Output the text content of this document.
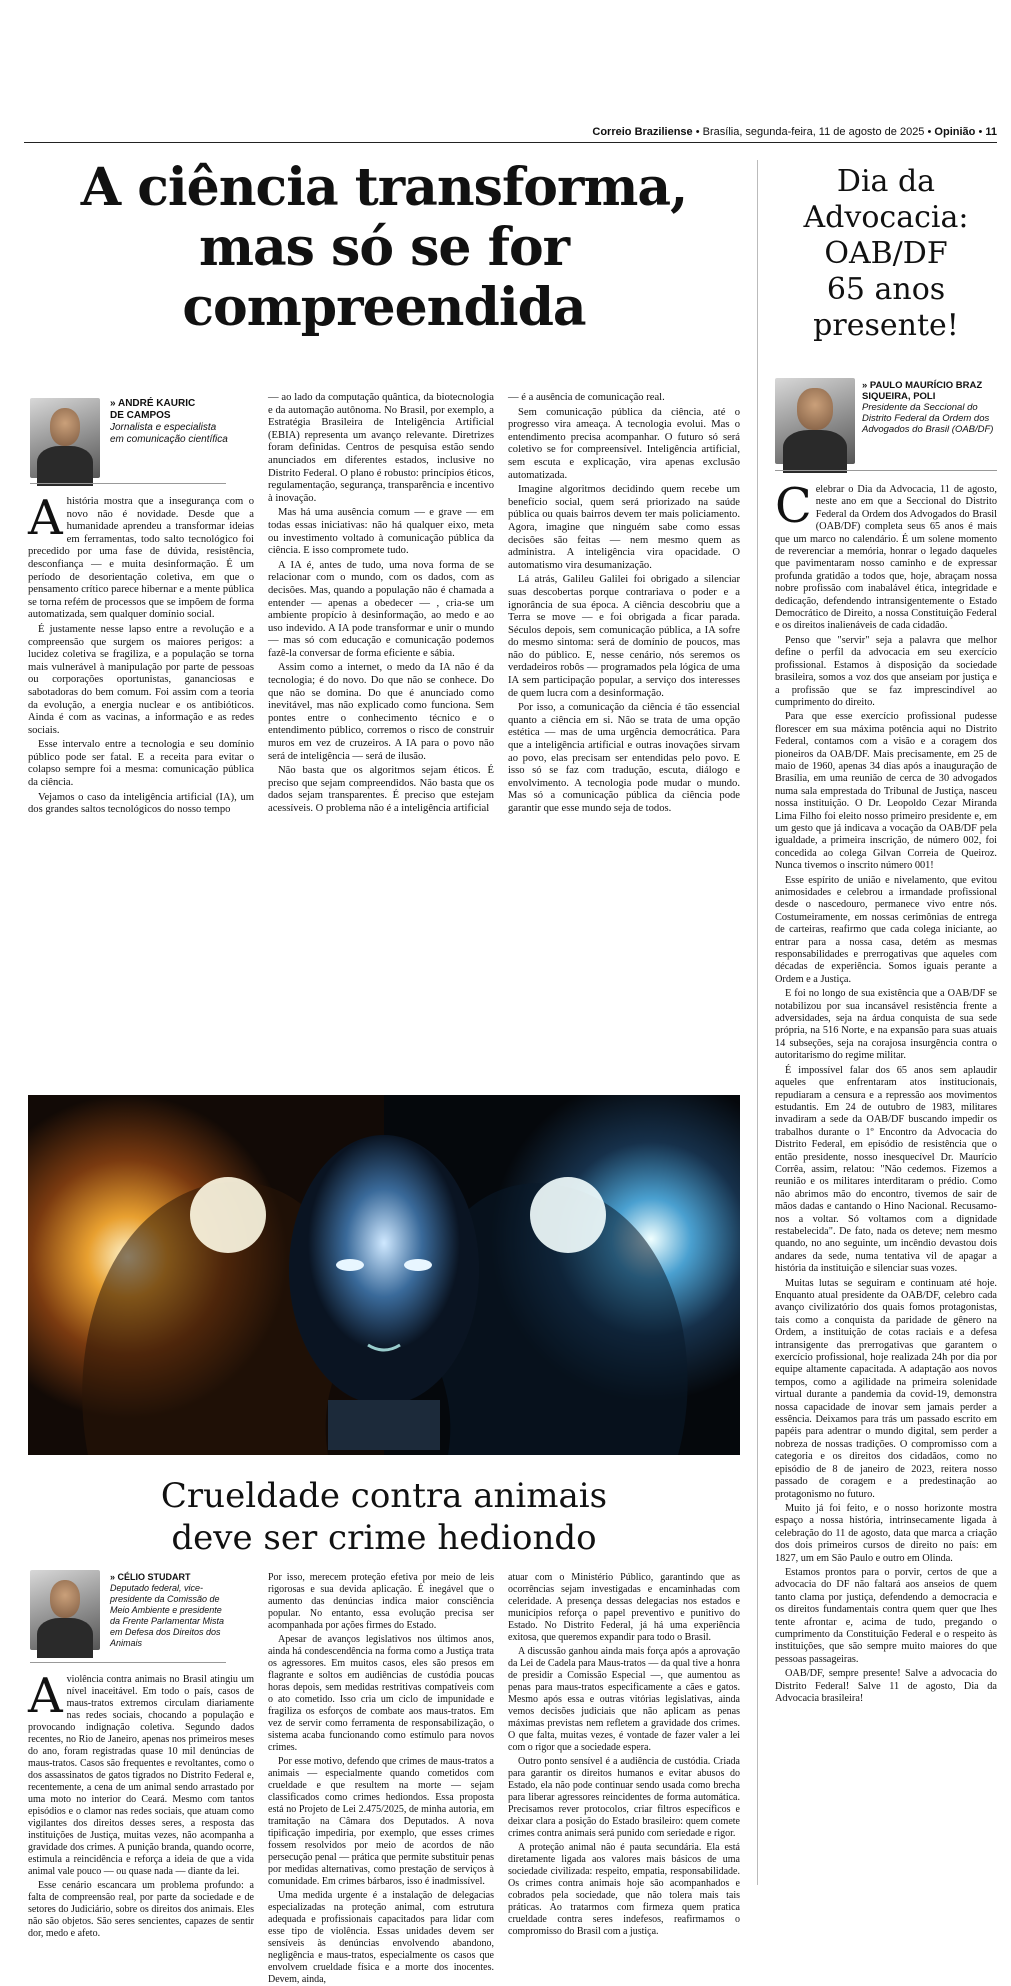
Correio Braziliense • Brasília, segunda-feira, 11 de agosto de 2025 • Opinião • 11
A ciência transforma,
mas só se for
compreendida
» ANDRÉ KAURIC
DE CAMPOS
Jornalista e especialista em comunicação científica

Ahistória mostra que a insegurança com o novo não é novidade. Desde que a humanidade aprendeu a transformar ideias em ferramentas, todo salto tecnológico foi precedido por uma fase de dúvida, resistência, desconfiança — e muita desinformação. É um período de desorientação coletiva, em que o pensamento crítico parece hibernar e a mente pública se torna refém de processos que se impõem de forma automatizada, sem qualquer domínio social.

É justamente nesse lapso entre a revolução e a compreensão que surgem os maiores perigos: a lucidez coletiva se fragiliza, e a população se torna mais vulnerável à manipulação por parte de pessoas ou corporações oportunistas, gananciosas e sabotadoras do bem comum. Foi assim com a teoria da evolução, a energia nuclear e os antibióticos. Ainda é com as vacinas, a informação e as redes sociais.

Esse intervalo entre a tecnologia e seu domínio público pode ser fatal. E a receita para evitar o colapso sempre foi a mesma: comunicação pública da ciência.

Vejamos o caso da inteligência artificial (IA), um dos grandes saltos tecnológicos do nosso tempo

— ao lado da computação quântica, da biotecnologia e da automação autônoma. No Brasil, por exemplo, a Estratégia Brasileira de Inteligência Artificial (EBIA) representa um avanço relevante. Diretrizes foram definidas. Centros de pesquisa estão sendo anunciados em diferentes estados, inclusive no Distrito Federal. O plano é robusto: princípios éticos, regulamentação, segurança, transparência e incentivo à inovação.

Mas há uma ausência comum — e grave — em todas essas iniciativas: não há qualquer eixo, meta ou investimento voltado à comunicação pública da ciência. E isso compromete tudo.

A IA é, antes de tudo, uma nova forma de se relacionar com o mundo, com os dados, com as decisões. Mas, quando a população não é chamada a entender — apenas a obedecer — , cria-se um ambiente propício à desinformação, ao medo e ao uso indevido. A IA pode transformar e unir o mundo — mas só com educação e comunicação podemos fazê-la conversar de forma eficiente e sábia.

Assim como a internet, o medo da IA não é da tecnologia; é do novo. Do que não se conhece. Do que não se domina. Do que é anunciado como inevitável, mas não explicado como funciona. Sem pontes entre o conhecimento técnico e o entendimento público, corremos o risco de construir muros em vez de cruzeiros. A IA para o povo não será de inteligência — será de ilusão.

Não basta que os algoritmos sejam éticos. É preciso que sejam compreendidos. Não basta que os dados sejam transparentes. É preciso que estejam acessíveis. O problema não é a inteligência artificial

— é a ausência de comunicação real.

Sem comunicação pública da ciência, até o progresso vira ameaça. A tecnologia evolui. Mas o entendimento precisa acompanhar. O futuro só será coletivo se for compreensível. Inteligência artificial, sem escuta e explicação, vira apenas exclusão automatizada.

Imagine algoritmos decidindo quem recebe um benefício social, quem será priorizado na saúde pública ou quais bairros devem ter mais policiamento. Agora, imagine que ninguém sabe como essas decisões são feitas — nem mesmo quem as administra. A inteligência vira opacidade. O automatismo vira desumanização.

Lá atrás, Galileu Galilei foi obrigado a silenciar suas descobertas porque contrariava o poder e a ignorância de sua época. A ciência descobriu que a Terra se move — e foi obrigada a ficar parada. Séculos depois, sem comunicação pública, a IA sofre do mesmo sintoma: será de domínio de poucos, mas não do público. E, nesse cenário, nós seremos os verdadeiros robôs — programados pela lógica de uma IA sem participação popular, a serviço dos interesses de quem lucra com a desinformação.

Por isso, a comunicação da ciência é tão essencial quanto a ciência em si. Não se trata de uma opção estética — mas de uma urgência democrática. Para que a inteligência artificial e outras inovações sirvam ao povo, elas precisam ser entendidas pelo povo. E isso só se faz com tradução, escuta, diálogo e envolvimento. A tecnologia pode mudar o mundo. Mas só a comunicação pública da ciência pode garantir que esse mundo seja de todos.

Crueldade contra animais
deve ser crime hediondo
» CÉLIO STUDART
Deputado federal, vice-presidente da Comissão de Meio Ambiente e presidente da Frente Parlamentar Mista em Defesa dos Direitos dos Animais

Aviolência contra animais no Brasil atingiu um nível inaceitável. Em todo o país, casos de maus-tratos extremos circulam diariamente nas redes sociais, chocando a população e provocando indignação coletiva. Segundo dados recentes, no Rio de Janeiro, apenas nos primeiros meses do ano, foram registradas quase 10 mil denúncias de maus-tratos. Casos são frequentes e revoltantes, como o dos assassinatos de gatos tigrados no Distrito Federal e, recentemente, a cena de um animal sendo arrastado por uma moto no interior do Ceará. Mesmo com tantos episódios e o clamor nas redes sociais, que atuam como vigilantes dos direitos desses seres, a resposta das instituições de Justiça, muitas vezes, não acompanha a gravidade dos crimes. A punição branda, quando ocorre, estimula a reincidência e reforça a ideia de que a vida animal vale pouco — ou quase nada — diante da lei.

Esse cenário escancara um problema profundo: a falta de compreensão real, por parte da sociedade e de setores do Judiciário, sobre os direitos dos animais. Eles não são objetos. São seres sencientes, capazes de sentir dor, medo e afeto.

Por isso, merecem proteção efetiva por meio de leis rigorosas e sua devida aplicação. É inegável que o aumento das denúncias indica maior consciência popular. No entanto, essa evolução precisa ser acompanhada por ações firmes do Estado.

Apesar de avanços legislativos nos últimos anos, ainda há condescendência na forma como a Justiça trata os agressores. Em muitos casos, eles são presos em flagrante e soltos em audiências de custódia poucas horas depois, sem medidas restritivas compatíveis com o ato cometido. Isso cria um ciclo de impunidade e fragiliza os esforços de combate aos maus-tratos. Em vez de servir como ferramenta de responsabilização, o sistema acaba funcionando como estímulo para novos crimes.

Por esse motivo, defendo que crimes de maus-tratos a animais — especialmente quando cometidos com crueldade e que resultem na morte — sejam classificados como crimes hediondos. Essa proposta está no Projeto de Lei 2.475/2025, de minha autoria, em tramitação na Câmara dos Deputados. A nova tipificação impediria, por exemplo, que esses crimes fossem resolvidos por meio de acordos de não persecução penal — prática que permite substituir penas por medidas alternativas, como prestação de serviços à comunidade. Em crimes bárbaros, isso é inadmissível.

Uma medida urgente é a instalação de delegacias especializadas na proteção animal, com estrutura adequada e profissionais capacitados para lidar com esse tipo de violência. Essas unidades devem ser sensíveis às denúncias envolvendo abandono, negligência e maus-tratos, especialmente os casos que envolvem crueldade física e a morte dos inocentes. Devem, ainda,

atuar com o Ministério Público, garantindo que as ocorrências sejam investigadas e encaminhadas com celeridade. A presença dessas delegacias nos estados e municípios reforça o papel preventivo e punitivo do Estado. No Distrito Federal, já há uma experiência exitosa, que queremos expandir para todo o Brasil.

A discussão ganhou ainda mais força após a aprovação da Lei de Cadela para Maus-tratos — da qual tive a honra de presidir a Comissão Especial —, que aumentou as penas para maus-tratos especificamente a cães e gatos. Mesmo após essa e outras vitórias legislativas, ainda vemos decisões judiciais que não aplicam as penas máximas previstas nem refletem a gravidade dos crimes. O que falta, muitas vezes, é vontade de fazer valer a lei com o rigor que a sociedade espera.

Outro ponto sensível é a audiência de custódia. Criada para garantir os direitos humanos e evitar abusos do Estado, ela não pode continuar sendo usada como brecha para liberar agressores reincidentes de forma automática. Precisamos rever protocolos, criar filtros específicos e deixar clara a posição do Estado brasileiro: quem comete crimes contra animais será punido com seriedade e rigor.

A proteção animal não é pauta secundária. Ela está diretamente ligada aos valores mais básicos de uma sociedade civilizada: respeito, empatia, responsabilidade. Os crimes contra animais hoje são acompanhados e cobrados pela sociedade, que não tolera mais tais práticas. Ao tratarmos com firmeza quem pratica crueldade contra seres indefesos, reafirmamos o compromisso do Brasil com a justiça.

Dia da
Advocacia:
OAB/DF
65 anos
presente!
» PAULO MAURÍCIO BRAZ
SIQUEIRA, POLI
Presidente da Seccional do Distrito Federal da Ordem dos Advogados do Brasil (OAB/DF)

Celebrar o Dia da Advocacia, 11 de agosto, neste ano em que a Seccional do Distrito Federal da Ordem dos Advogados do Brasil (OAB/DF) completa seus 65 anos é mais que um marco no calendário. É um solene momento de reverenciar a memória, honrar o legado daqueles que pavimentaram nosso caminho e de expressar profunda gratidão a todos que, hoje, abraçam nossa nobre profissão com inabalável ética, integridade e dedicação, defendendo intransigentemente o Estado Democrático de Direito, a nossa Constituição Federal e os direitos inalienáveis de cada cidadão.

Penso que "servir" seja a palavra que melhor define o perfil da advocacia em seu exercício profissional. Estamos à disposição da sociedade brasileira, somos a voz dos que anseiam por justiça e a profissão que se faz imprescindível ao cumprimento do direito.

Para que esse exercício profissional pudesse florescer em sua máxima potência aqui no Distrito Federal, contamos com a visão e a coragem dos pioneiros da OAB/DF. Mais precisamente, em 25 de maio de 1960, apenas 34 dias após a inauguração de Brasília, em uma reunião de cerca de 30 advogados numa sala emprestada do Tribunal de Justiça, nasceu nossa instituição. O Dr. Leopoldo Cezar Miranda Lima Filho foi eleito nosso primeiro presidente e, em um gesto que já indicava a vocação da OAB/DF pela igualdade, a primeira inscrição, de número 002, foi concedida ao colega Gilvan Correia de Queiroz. Nunca tivemos o inscrito número 001!

Esse espírito de união e nivelamento, que evitou animosidades e celebrou a irmandade profissional desde o nascedouro, permanece vivo entre nós. Costumeiramente, em nossas cerimônias de entrega de carteiras, reafirmo que cada colega iniciante, ao entrar para a nossa casa, detém as mesmas responsabilidades e prerrogativas que aqueles com décadas de experiência. Somos iguais perante a Ordem e a Justiça.

E foi no longo de sua existência que a OAB/DF se notabilizou por sua incansável resistência frente a adversidades, seja na árdua conquista de sua sede própria, na 516 Norte, e na expansão para suas atuais 14 subseções, seja na corajosa insurgência contra o autoritarismo do regime militar.

É impossível falar dos 65 anos sem aplaudir aqueles que enfrentaram atos institucionais, repudiaram a censura e a repressão aos movimentos estudantis. Em 24 de outubro de 1983, militares invadiram a sede da OAB/DF buscando impedir os trabalhos durante o 1º Encontro da Advocacia do Distrito Federal, em episódio de resistência que o então presidente, nosso inesquecível Dr. Maurício Corrêa, assim, relatou: "Não cedemos. Fizemos a reunião e os militares interditaram o prédio. Como não abrimos mão do encontro, tivemos de sair de mãos dadas e cantando o Hino Nacional. Recusamo-nos a voltar. Só voltamos com a dignidade restabelecida". De fato, nada os deteve; nem mesmo quando, no ano seguinte, um incêndio devastou dois andares da sede, numa tentativa vil de apagar a história da instituição e silenciar suas vozes.

Muitas lutas se seguiram e continuam até hoje. Enquanto atual presidente da OAB/DF, celebro cada avanço civilizatório dos quais fomos protagonistas, tais como a conquista da paridade de gênero na Ordem, a instituição de cotas raciais e a defesa intransigente das prerrogativas que garantem o exercício profissional, hoje realizada 24h por dia por equipe altamente capacitada. A adaptação aos novos tempos, como a agilidade na primeira solenidade virtual durante a pandemia da covid-19, demonstra nossa capacidade de inovar sem jamais perder a essência. Deixamos para trás um passado escrito em papéis para adentrar o mundo digital, sem perder a nobreza de nossas tradições. O compromisso com a categoria e os direitos dos cidadãos, como no episódio de 8 de janeiro de 2023, reitera nosso passado de coragem e a predestinação ao protagonismo no futuro.

Muito já foi feito, e o nosso horizonte mostra espaço a nossa história, intrinsecamente ligada à celebração do 11 de agosto, data que marca a criação dos dois primeiros cursos de direito no país: em 1827, um em São Paulo e outro em Olinda.

Estamos prontos para o porvir, certos de que a advocacia do DF não faltará aos anseios de quem tanto clama por justiça, defendendo a democracia e os direitos fundamentais contra quem quer que lhes tente afrontar e, acima de tudo, pregando o cumprimento da Constituição Federal e o respeito às instituições, que são sempre muito maiores do que pessoas passageiras.

OAB/DF, sempre presente! Salve a advocacia do Distrito Federal! Salve 11 de agosto, Dia da Advocacia brasileira!
